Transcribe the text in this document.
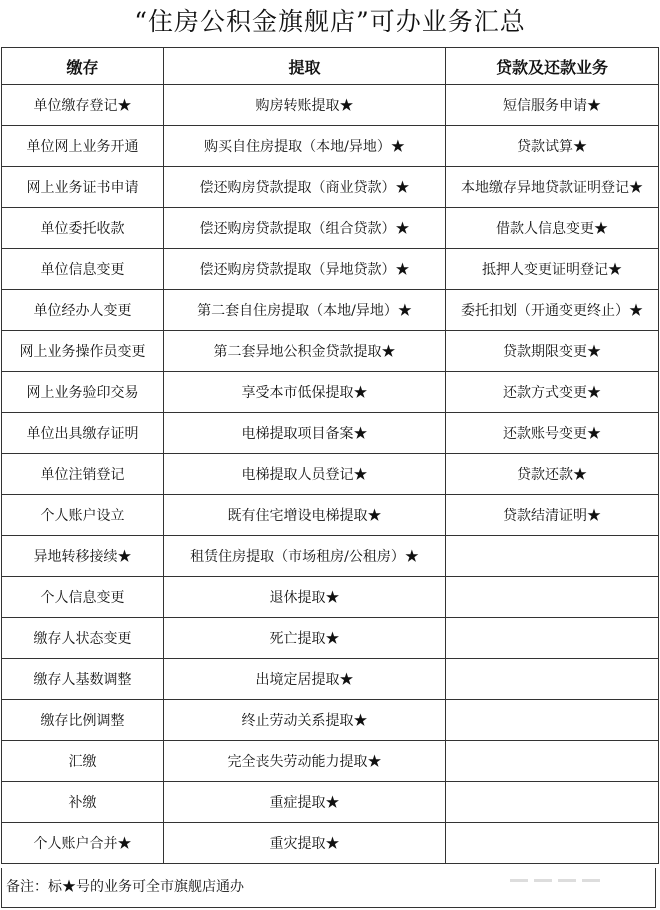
“住房公积金旗舰店”可办业务汇总
缴存	提取	贷款及还款业务
单位缴存登记★	购房转账提取★	短信服务申请★
单位网上业务开通	购买自住房提取（本地/异地）★	贷款试算★
网上业务证书申请	偿还购房贷款提取（商业贷款）★	本地缴存异地贷款证明登记★
单位委托收款	偿还购房贷款提取（组合贷款）★	借款人信息变更★
单位信息变更	偿还购房贷款提取（异地贷款）★	抵押人变更证明登记★
单位经办人变更	第二套自住房提取（本地/异地）★	委托扣划（开通变更终止）★
网上业务操作员变更	第二套异地公积金贷款提取★	贷款期限变更★
网上业务验印交易	享受本市低保提取★	还款方式变更★
单位出具缴存证明	电梯提取项目备案★	还款账号变更★
单位注销登记	电梯提取人员登记★	贷款还款★
个人账户设立	既有住宅增设电梯提取★	贷款结清证明★
异地转移接续★	租赁住房提取（市场租房/公租房）★	
个人信息变更	退休提取★	
缴存人状态变更	死亡提取★	
缴存人基数调整	出境定居提取★	
缴存比例调整	终止劳动关系提取★	
汇缴	完全丧失劳动能力提取★	
补缴	重症提取★	
个人账户合并★	重灾提取★	
备注：标★号的业务可全市旗舰店通办
